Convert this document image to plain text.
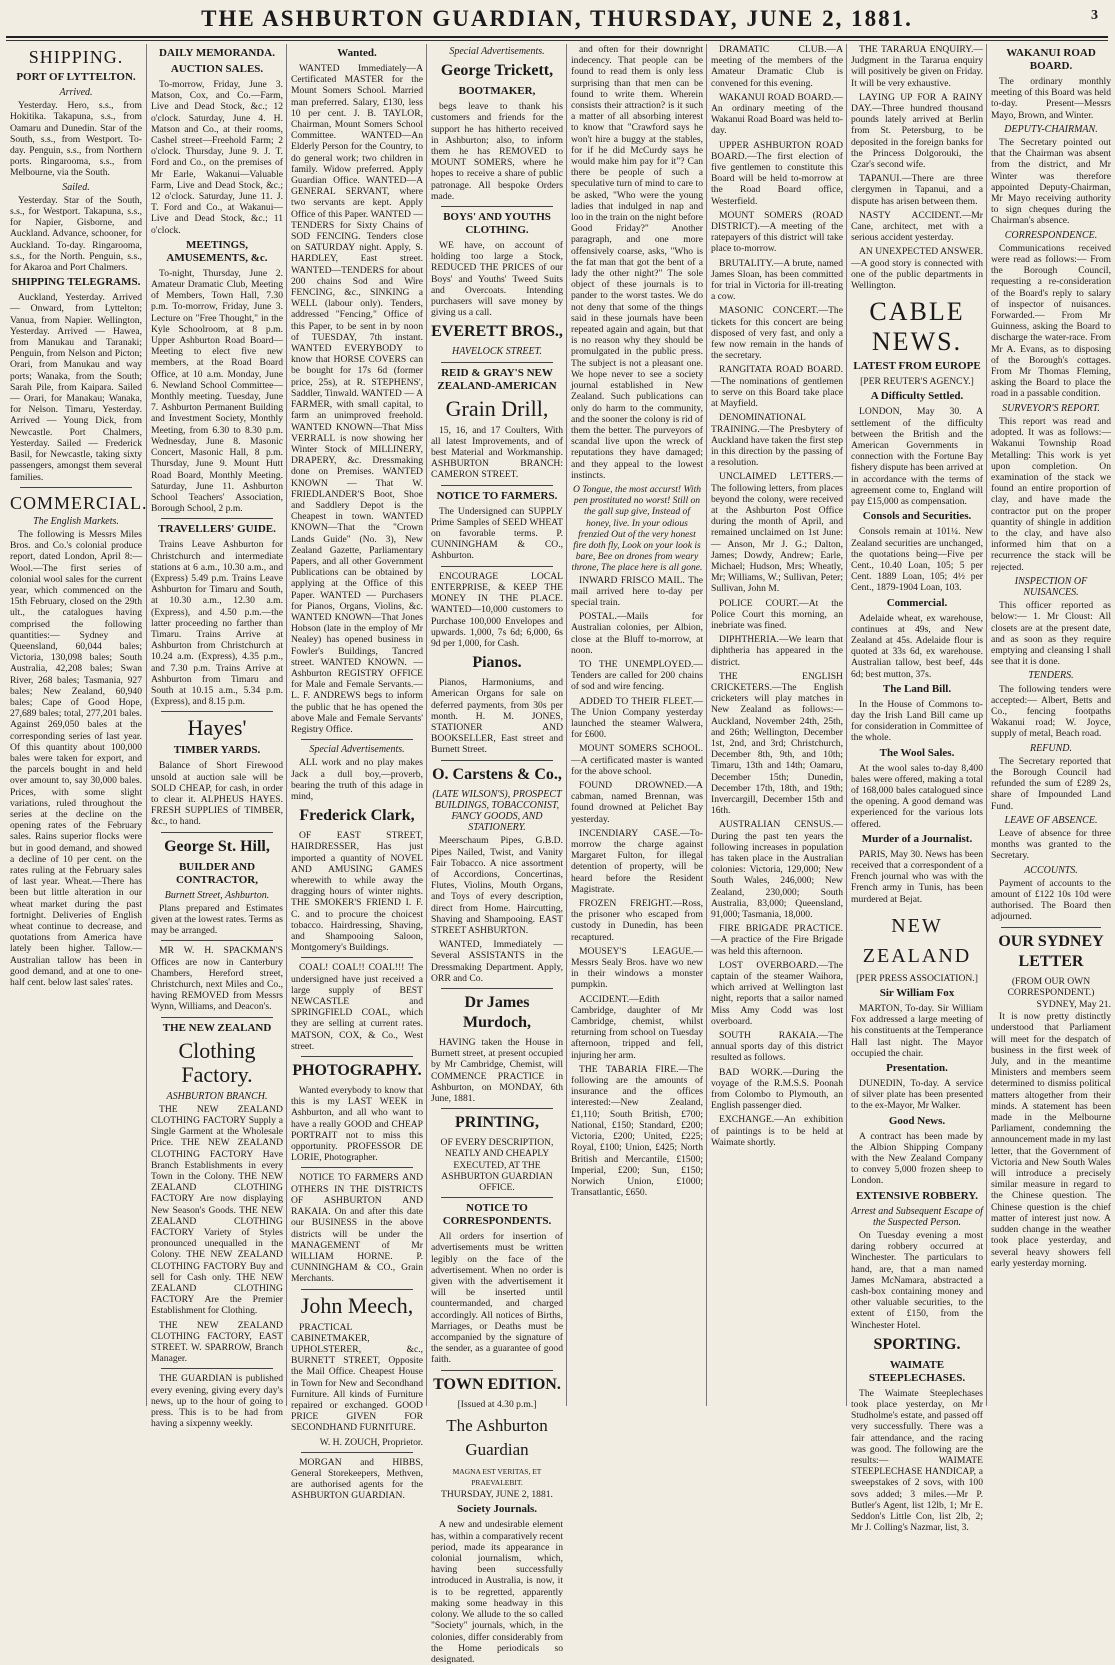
THE ASHBURTON GUARDIAN, THURSDAY, JUNE 2, 1881.	3
SHIPPING.
PORT OF LYTTELTON.
Arrived.

Yesterday. Hero, s.s., from Hokitika. Takapuna, s.s., from Oamaru and Dunedin. Star of the South, s.s., from Westport. To-day. Penguin, s.s., from Northern ports. Ringarooma, s.s., from Melbourne, via the South.

Sailed.

Yesterday. Star of the South, s.s., for Westport. Takapuna, s.s., for Napier, Gisborne, and Auckland. Advance, schooner, for Auckland. To-day. Ringarooma, s.s., for the North. Penguin, s.s., for Akaroa and Port Chalmers.

SHIPPING TELEGRAMS.

Auckland, Yesterday. Arrived — Onward, from Lyttelton; Vanua, from Napier. Wellington, Yesterday. Arrived — Hawea, from Manukau and Taranaki; Penguin, from Nelson and Picton; Orari, from Manukau and way ports; Wanaka, from the South; Sarah Pile, from Kaipara. Sailed — Orari, for Manakau; Wanaka, for Nelson. Timaru, Yesterday. Arrived — Young Dick, from Newcastle. Port Chalmers, Yesterday. Sailed — Frederick Basil, for Newcastle, taking sixty passengers, amongst them several families.

COMMERCIAL.
The English Markets.

The following is Messrs Miles Bros. and Co.'s colonial produce report, dated London, April 8:— Wool.—The first series of colonial wool sales for the current year, which commenced on the 15th February, closed on the 29th ult., the catalogues having comprised the following quantities:— Sydney and Queensland, 60,044 bales; Victoria, 130,098 bales; South Australia, 42,208 bales; Swan River, 268 bales; Tasmania, 927 bales; New Zealand, 60,940 bales; Cape of Good Hope, 27,689 bales; total, 277,201 bales. Against 269,050 bales at the corresponding series of last year. Of this quantity about 100,000 bales were taken for export, and the parcels bought in and held over amount to, say 30,000 bales. Prices, with some slight variations, ruled throughout the series at the decline on the opening rates of the February sales. Rains superior flocks were but in good demand, and showed a decline of 10 per cent. on the rates ruling at the February sales of last year. Wheat.—There has been but little alteration in our wheat market during the past fortnight. Deliveries of English wheat continue to decrease, and quotations from America have lately been higher. Tallow.—Australian tallow has been in good demand, and at one to one-half cent. below last sales' rates.

DAILY MEMORANDA.
AUCTION SALES.

To-morrow, Friday, June 3. Matson, Cox, and Co.—Farm, Live and Dead Stock, &c.; 12 o'clock. Saturday, June 4. H. Matson and Co., at their rooms, Cashel street—Freehold Farm; 2 o'clock. Thursday, June 9. J. T. Ford and Co., on the premises of Mr Earle, Wakanui—Valuable Farm, Live and Dead Stock, &c.; 12 o'clock. Saturday, June 11. J. T. Ford and Co., at Wakanui—Live and Dead Stock, &c.; 11 o'clock.

MEETINGS, AMUSEMENTS, &c.

To-night, Thursday, June 2. Amateur Dramatic Club, Meeting of Members, Town Hall, 7.30 p.m. To-morrow, Friday, June 3. Lecture on "Free Thought," in the Kyle Schoolroom, at 8 p.m. Upper Ashburton Road Board—Meeting to elect five new members, at the Road Board Office, at 10 a.m. Monday, June 6. Newland School Committee—Monthly meeting. Tuesday, June 7. Ashburton Permanent Building and Investment Society, Monthly Meeting, from 6.30 to 8.30 p.m. Wednesday, June 8. Masonic Concert, Masonic Hall, 8 p.m. Thursday, June 9. Mount Hutt Road Board, Monthly Meeting. Saturday, June 11. Ashburton School Teachers' Association, Borough School, 2 p.m.

TRAVELLERS' GUIDE.

Trains Leave Ashburton for Christchurch and intermediate stations at 6 a.m., 10.30 a.m., and (Express) 5.49 p.m. Trains Leave Ashburton for Timaru and South, at 10.30 a.m., 12.30 a.m. (Express), and 4.50 p.m.—the latter proceeding no farther than Timaru. Trains Arrive at Ashburton from Christchurch at 10.24 a.m. (Express), 4.35 p.m., and 7.30 p.m. Trains Arrive at Ashburton from Timaru and South at 10.15 a.m., 5.34 p.m. (Express), and 8.15 p.m.

Hayes'
TIMBER YARDS.

Balance of Short Firewood unsold at auction sale will be SOLD CHEAP, for cash, in order to clear it. ALPHEUS HAYES. FRESH SUPPLIES of TIMBER, &c., to hand.

George St. Hill,
BUILDER AND CONTRACTOR,
Burnett Street, Ashburton.

Plans prepared and Estimates given at the lowest rates. Terms as may be arranged.

MR W. H. SPACKMAN'S Offices are now in Canterbury Chambers, Hereford street, Christchurch, next Miles and Co., having REMOVED from Messrs Wynn, Williams, and Deacon's.

THE NEW ZEALAND
Clothing Factory.
ASHBURTON BRANCH.

THE NEW ZEALAND CLOTHING FACTORY Supply a Single Garment at the Wholesale Price. THE NEW ZEALAND CLOTHING FACTORY Have Branch Establishments in every Town in the Colony. THE NEW ZEALAND CLOTHING FACTORY Are now displaying New Season's Goods. THE NEW ZEALAND CLOTHING FACTORY Variety of Styles pronounced unequalled in the Colony. THE NEW ZEALAND CLOTHING FACTORY Buy and sell for Cash only. THE NEW ZEALAND CLOTHING FACTORY Are the Premier Establishment for Clothing.

THE NEW ZEALAND CLOTHING FACTORY, EAST STREET. W. SPARROW, Branch Manager.

THE GUARDIAN is published every evening, giving every day's news, up to the hour of going to press. This is to be had from having a sixpenny weekly.

Wanted.

WANTED Immediately—A Certificated MASTER for the Mount Somers School. Married man preferred. Salary, £130, less 10 per cent. J. B. TAYLOR, Chairman, Mount Somers School Committee. WANTED—An Elderly Person for the Country, to do general work; two children in family. Widow preferred. Apply Guardian Office. WANTED—A GENERAL SERVANT, where two servants are kept. Apply Office of this Paper. WANTED — TENDERS for Sixty Chains of SOD FENCING. Tenders close on SATURDAY night. Apply, S. HARDLEY, East street. WANTED—TENDERS for about 200 chains Sod and Wire FENCING, &c., SINKING a WELL (labour only). Tenders, addressed "Fencing," Office of this Paper, to be sent in by noon of TUESDAY, 7th instant. WANTED EVERYBODY to know that HORSE COVERS can be bought for 17s 6d (former price, 25s), at R. STEPHENS', Saddler, Tinwald. WANTED — A FARMER, with small capital, to farm an unimproved freehold. WANTED KNOWN—That Miss VERRALL is now showing her Winter Stock of MILLINERY, DRAPERY, &c. Dressmaking done on Premises. WANTED KNOWN — That W. FRIEDLANDER'S Boot, Shoe and Saddlery Depot is the Cheapest in town. WANTED KNOWN—That the "Crown Lands Guide" (No. 3), New Zealand Gazette, Parliamentary Papers, and all other Government Publications can be obtained by applying at the Office of this Paper. WANTED — Purchasers for Pianos, Organs, Violins, &c. WANTED KNOWN—That Jones Hobson (late in the employ of Mr Nealey) has opened business in Fowler's Buildings, Tancred street. WANTED KNOWN. — Ashburton REGISTRY OFFICE for Male and Female Servants.—L. F. ANDREWS begs to inform the public that he has opened the above Male and Female Servants' Registry Office.

Special Advertisements.

ALL work and no play makes Jack a dull boy,—proverb, bearing the truth of this adage in mind,

Frederick Clark,

OF EAST STREET, HAIRDRESSER, Has just imported a quantity of NOVEL AND AMUSING GAMES wherewith to while away the dragging hours of winter nights. THE SMOKER'S FRIEND I. F. C. and to procure the choicest tobacco. Hairdressing, Shaving, and Shampooing Saloon, Montgomery's Buildings.

COAL! COAL!! COAL!!! The undersigned have just received a large supply of BEST NEWCASTLE and SPRINGFIELD COAL, which they are selling at current rates. MATSON, COX, & Co., West street.

PHOTOGRAPHY.

Wanted everybody to know that this is my LAST WEEK in Ashburton, and all who want to have a really GOOD and CHEAP PORTRAIT not to miss this opportunity. PROFESSOR DE LORIE, Photographer.

NOTICE TO FARMERS AND OTHERS IN THE DISTRICTS OF ASHBURTON AND RAKAIA. On and after this date our BUSINESS in the above districts will be under the MANAGEMENT of Mr WILLIAM HORNE. P. CUNNINGHAM & CO., Grain Merchants.

John Meech,

PRACTICAL CABINETMAKER, UPHOLSTERER, &c., BURNETT STREET, Opposite the Mail Office. Cheapest House in Town for New and Secondhand Furniture. All kinds of Furniture repaired or exchanged. GOOD PRICE GIVEN FOR SECONDHAND FURNITURE.

W. H. ZOUCH, Proprietor.

MORGAN and HIBBS, General Storekeepers, Methven, are authorised agents for the ASHBURTON GUARDIAN.

Special Advertisements.
George Trickett,
BOOTMAKER,

begs leave to thank his customers and friends for the support he has hitherto received in Ashburton; also, to inform them he has REMOVED to MOUNT SOMERS, where he hopes to receive a share of public patronage. All bespoke Orders made.

BOYS' AND YOUTHS CLOTHING.

WE have, on account of holding too large a Stock, REDUCED THE PRICES of our Boys' and Youths' Tweed Suits and Overcoats. Intending purchasers will save money by giving us a call.

EVERETT BROS.,
HAVELOCK STREET.
REID & GRAY'S NEW ZEALAND-AMERICAN
Grain Drill,

15, 16, and 17 Coulters, With all latest Improvements, and of best Material and Workmanship. ASHBURTON BRANCH: CAMERON STREET.

NOTICE TO FARMERS.

The Undersigned can SUPPLY Prime Samples of SEED WHEAT on favorable terms. P. CUNNINGHAM & CO., Ashburton.

ENCOURAGE LOCAL ENTERPRISE, & KEEP THE MONEY IN THE PLACE. WANTED—10,000 customers to Purchase 100,000 Envelopes and upwards. 1,000, 7s 6d; 6,000, 6s 9d per 1,000, for Cash.

Pianos.

Pianos, Harmoniums, and American Organs for sale on deferred payments, from 30s per month. H. M. JONES, STATIONER AND BOOKSELLER, East street and Burnett Street.

O. Carstens & Co.,
(LATE WILSON'S), PROSPECT BUILDINGS, TOBACCONIST, FANCY GOODS, AND STATIONERY.

Meerschaum Pipes, G.B.D. Pipes Nailed, Twist, and Vanity Fair Tobacco. A nice assortment of Accordions, Concertinas, Flutes, Violins, Mouth Organs, and Toys of every description, direct from Home. Haircutting, Shaving and Shampooing. EAST STREET ASHBURTON.

WANTED, Immediately — Several ASSISTANTS in the Dressmaking Department. Apply, ORR and Co.

Dr James Murdoch,

HAVING taken the House in Burnett street, at present occupied by Mr Cambridge, Chemist, will COMMENCE PRACTICE in Ashburton, on MONDAY, 6th June, 1881.

PRINTING,

OF EVERY DESCRIPTION, NEATLY AND CHEAPLY EXECUTED, AT THE ASHBURTON GUARDIAN OFFICE.

NOTICE TO CORRESPONDENTS.

All orders for insertion of advertisements must be written legibly on the face of the advertisement. When no order is given with the advertisement it will be inserted until countermanded, and charged accordingly. All notices of Births, Marriages, or Deaths must be accompanied by the signature of the sender, as a guarantee of good faith.

TOWN EDITION.
[Issued at 4.30 p.m.]
The Ashburton Guardian
MAGNA EST VERITAS, ET PRAEVALEBIT.
THURSDAY, JUNE 2, 1881.
Society Journals.

A new and undesirable element has, within a comparatively recent period, made its appearance in colonial journalism, which, having been successfully introduced in Australia, is now, it is to be regretted, apparently making some headway in this colony. We allude to the so called "Society" journals, which, in the colonies, differ considerably from the Home periodicals so designated.

and often for their downright indecency. That people can be found to read them is only less surprising than that men can be found to write them. Wherein consists their attraction? is it such a matter of all absorbing interest to know that "Crawford says he won't hire a buggy at the stables, for if he did McCurdy says he would make him pay for it"? Can there be people of such a speculative turn of mind to care to be asked, "Who were the young ladies that indulged in nap and loo in the train on the night before Good Friday?" Another paragraph, and one more offensively coarse, asks, "Who is the fat man that got the bent of a lady the other night?" The sole object of these journals is to pander to the worst tastes. We do not deny that some of the things said in these journals have been repeated again and again, but that is no reason why they should be promulgated in the public press. The subject is not a pleasant one. We hope never to see a society journal established in New Zealand. Such publications can only do harm to the community, and the sooner the colony is rid of them the better. The purveyors of scandal live upon the wreck of reputations they have damaged; and they appeal to the lowest instincts.

O Tongue, the most accurst! With pen prostituted no worst! Still on the gall sup give, Instead of honey, live. In your odious frenzied Out of the very honest fire doth fly, Look on your look is bare, Bee on drones from weary throne, The place here is all gone.

INWARD FRISCO MAIL. The mail arrived here to-day per special train.

POSTAL.—Mails for Australian colonies, per Albion, close at the Bluff to-morrow, at noon.

TO THE UNEMPLOYED.—Tenders are called for 200 chains of sod and wire fencing.

ADDED TO THEIR FLEET.—The Union Company yesterday launched the steamer Walwera, for £600.

MOUNT SOMERS SCHOOL.—A certificated master is wanted for the above school.

FOUND DROWNED.—A cabman, named Brennan, was found drowned at Pelichet Bay yesterday.

INCENDIARY CASE.—To-morrow the charge against Margaret Fulton, for illegal detention of property, will be heard before the Resident Magistrate.

FROZEN FREIGHT.—Ross, the prisoner who escaped from custody in Dunedin, has been recaptured.

MOUSEY'S LEAGUE.—Messrs Sealy Bros. have wo new in their windows a monster pumpkin.

ACCIDENT.—Edith Cambridge, daughter of Mr Cambridge, chemist, whilst returning from school on Tuesday afternoon, tripped and fell, injuring her arm.

THE TABARIA FIRE.—The following are the amounts of insurance and the offices interested:—New Zealand, £1,110; South British, £700; National, £150; Standard, £200; Victoria, £200; United, £225; Royal, £100; Union, £425; North British and Mercantile, £1500; Imperial, £200; Sun, £150; Norwich Union, £1000; Transatlantic, £650.

DRAMATIC CLUB.—A meeting of the members of the Amateur Dramatic Club is convened for this evening.

WAKANUI ROAD BOARD.—An ordinary meeting of the Wakanui Road Board was held to-day.

UPPER ASHBURTON ROAD BOARD.—The first election of five gentlemen to constitute this Board will be held to-morrow at the Road Board office, Westerfield.

MOUNT SOMERS (ROAD DISTRICT).—A meeting of the ratepayers of this district will take place to-morrow.

BRUTALITY.—A brute, named James Sloan, has been committed for trial in Victoria for ill-treating a cow.

MASONIC CONCERT.—The tickets for this concert are being disposed of very fast, and only a few now remain in the hands of the secretary.

RANGITATA ROAD BOARD.—The nominations of gentlemen to serve on this Board take place at Mayfield.

DENOMINATIONAL TRAINING.—The Presbytery of Auckland have taken the first step in this direction by the passing of a resolution.

UNCLAIMED LETTERS.—The following letters, from places beyond the colony, were received at the Ashburton Post Office during the month of April, and remained unclaimed on 1st June:— Anson, Mr J. G.; Dalton, James; Dowdy, Andrew; Earle, Michael; Hudson, Mrs; Wheatly, Mr; Williams, W.; Sullivan, Peter; Sullivan, John M.

POLICE COURT.—At the Police Court this morning, an inebriate was fined.

DIPHTHERIA.—We learn that diphtheria has appeared in the district.

THE ENGLISH CRICKETERS.—The English cricketers will play matches in New Zealand as follows:—Auckland, November 24th, 25th, and 26th; Wellington, December 1st, 2nd, and 3rd; Christchurch, December 8th, 9th, and 10th; Timaru, 13th and 14th; Oamaru, December 15th; Dunedin, December 17th, 18th, and 19th; Invercargill, December 15th and 16th.

AUSTRALIAN CENSUS.—During the past ten years the following increases in population has taken place in the Australian colonies: Victoria, 129,000; New South Wales, 246,000; New Zealand, 230,000; South Australia, 83,000; Queensland, 91,000; Tasmania, 18,000.

FIRE BRIGADE PRACTICE.—A practice of the Fire Brigade was held this afternoon.

LOST OVERBOARD.—The captain of the steamer Waihora, which arrived at Wellington last night, reports that a sailor named Miss Amy Codd was lost overboard.

SOUTH RAKAIA.—The annual sports day of this district resulted as follows.

BAD WORK.—During the voyage of the R.M.S.S. Poonah from Colombo to Plymouth, an English passenger died.

EXCHANGE.—An exhibition of paintings is to be held at Waimate shortly.

THE TARARUA ENQUIRY.—Judgment in the Tararua enquiry will positively be given on Friday. It will be very exhaustive.

LAYING UP FOR A RAINY DAY.—Three hundred thousand pounds lately arrived at Berlin from St. Petersburg, to be deposited in the foreign banks for the Princess Dolgorouki, the Czar's second wife.

TAPANUI.—There are three clergymen in Tapanui, and a dispute has arisen between them.

NASTY ACCIDENT.—Mr Cane, architect, met with a serious accident yesterday.

AN UNEXPECTED ANSWER.—A good story is connected with one of the public departments in Wellington.

CABLE NEWS.
LATEST FROM EUROPE
[PER REUTER'S AGENCY.]
A Difficulty Settled.

LONDON, May 30. A settlement of the difficulty between the British and the American Governments in connection with the Fortune Bay fishery dispute has been arrived at in accordance with the terms of agreement come to, England will pay £15,000 as compensation.

Consols and Securities.

Consols remain at 101¼. New Zealand securities are unchanged, the quotations being—Five per Cent., 10.40 Loan, 105; 5 per Cent. 1889 Loan, 105; 4½ per Cent., 1879-1904 Loan, 103.

Commercial.

Adelaide wheat, ex warehouse, continues at 49s, and New Zealand at 45s. Adelaide flour is quoted at 33s 6d, ex warehouse. Australian tallow, best beef, 44s 6d; best mutton, 37s.

The Land Bill.

In the House of Commons to-day the Irish Land Bill came up for consideration in Committee of the whole.

The Wool Sales.

At the wool sales to-day 8,400 bales were offered, making a total of 168,000 bales catalogued since the opening. A good demand was experienced for the various lots offered.

Murder of a Journalist.

PARIS, May 30. News has been received that a correspondent of a French journal who was with the French army in Tunis, has been murdered at Bejat.

NEW ZEALAND
[PER PRESS ASSOCIATION.]
Sir William Fox

MARTON, To-day. Sir William Fox addressed a large meeting of his constituents at the Temperance Hall last night. The Mayor occupied the chair.

Presentation.

DUNEDIN, To-day. A service of silver plate has been presented to the ex-Mayor, Mr Walker.

Good News.

A contract has been made by the Albion Shipping Company with the New Zealand Company to convey 5,000 frozen sheep to London.

EXTENSIVE ROBBERY.
Arrest and Subsequent Escape of the Suspected Person.

On Tuesday evening a most daring robbery occurred at Winchester. The particulars to hand, are, that a man named James McNamara, abstracted a cash-box containing money and other valuable securities, to the extent of £150, from the Winchester Hotel.

SPORTING.
WAIMATE STEEPLECHASES.

The Waimate Steeplechases took place yesterday, on Mr Studholme's estate, and passed off very successfully. There was a fair attendance, and the racing was good. The following are the results:— WAIMATE STEEPLECHASE HANDICAP, a sweepstakes of 2 sovs, with 100 sovs added; 3 miles.—Mr P. Butler's Agent, list 12lb, 1; Mr E. Seddon's Little Con, list 2lb, 2; Mr J. Colling's Nazmar, list, 3.

WAKANUI ROAD BOARD.

The ordinary monthly meeting of this Board was held to-day. Present—Messrs Mayo, Brown, and Winter.

DEPUTY-CHAIRMAN.

The Secretary pointed out that the Chairman was absent from the district, and Mr Winter was therefore appointed Deputy-Chairman, Mr Mayo receiving authority to sign cheques during the Chairman's absence.

CORRESPONDENCE.

Communications received were read as follows:— From the Borough Council, requesting a re-consideration of the Board's reply to salary of inspector of nuisances. Forwarded.— From Mr Guinness, asking the Board to discharge the water-race. From Mr A. Evans, as to disposing of the Borough's cottages. From Mr Thomas Fleming, asking the Board to place the road in a passable condition.

SURVEYOR'S REPORT.

This report was read and adopted. It was as follows:— Wakanui Township Road Metalling: This work is yet upon completion. On examination of the stack we found an entire proportion of clay, and have made the contractor put on the proper quantity of shingle in addition to the clay, and have also informed him that on a recurrence the stack will be rejected.

INSPECTION OF NUISANCES.

This officer reported as below:— 1. Mr Cloust: All closets are at the present date, and as soon as they require emptying and cleansing I shall see that it is done.

TENDERS.

The following tenders were accepted:— Albert, Betts and Co., fencing footpaths Wakanui road; W. Joyce, supply of metal, Beach road.

REFUND.

The Secretary reported that the Borough Council had refunded the sum of £289 2s, share of Impounded Land Fund.

LEAVE OF ABSENCE.

Leave of absence for three months was granted to the Secretary.

ACCOUNTS.

Payment of accounts to the amount of £122 10s 10d were authorised. The Board then adjourned.

OUR SYDNEY LETTER
(FROM OUR OWN CORRESPONDENT.)
SYDNEY, May 21.

It is now pretty distinctly understood that Parliament will meet for the despatch of business in the first week of July, and in the meantime Ministers and members seem determined to dismiss political matters altogether from their minds. A statement has been made in the Melbourne Parliament, condemning the announcement made in my last letter, that the Government of Victoria and New South Wales will introduce a precisely similar measure in regard to the Chinese question. The Chinese question is the chief matter of interest just now. A sudden change in the weather took place yesterday, and several heavy showers fell early yesterday morning.
